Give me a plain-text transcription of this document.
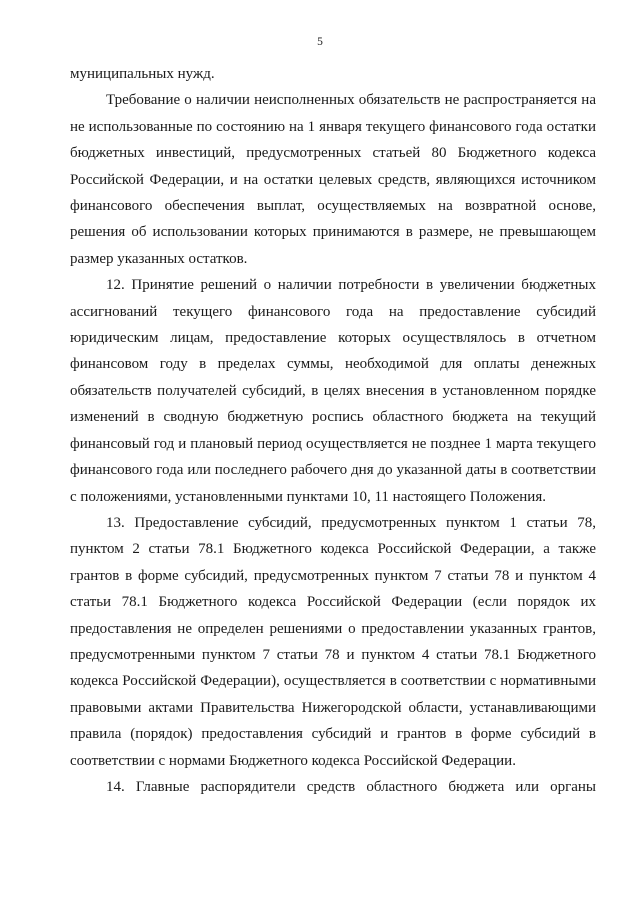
5

муниципальных нужд.

Требование о наличии неисполненных обязательств не распространяется на не использованные по состоянию на 1 января текущего финансового года остатки бюджетных инвестиций, предусмотренных статьей 80 Бюджетного кодекса Российской Федерации, и на остатки целевых средств, являющихся источником финансового обеспечения выплат, осуществляемых на возвратной основе, решения об использовании которых принимаются в размере, не превышающем размер указанных остатков.

12. Принятие решений о наличии потребности в увеличении бюджетных ассигнований текущего финансового года на предоставление субсидий юридическим лицам, предоставление которых осуществлялось в отчетном финансовом году в пределах суммы, необходимой для оплаты денежных обязательств получателей субсидий, в целях внесения в установленном порядке изменений в сводную бюджетную роспись областного бюджета на текущий финансовый год и плановый период осуществляется не позднее 1 марта текущего финансового года или последнего рабочего дня до указанной даты в соответствии с положениями, установленными пунктами 10, 11 настоящего Положения.

13. Предоставление субсидий, предусмотренных пунктом 1 статьи 78, пунктом 2 статьи 78.1 Бюджетного кодекса Российской Федерации, а также грантов в форме субсидий, предусмотренных пунктом 7 статьи 78 и пунктом 4 статьи 78.1 Бюджетного кодекса Российской Федерации (если порядок их предоставления не определен решениями о предоставлении указанных грантов, предусмотренными пунктом 7 статьи 78 и пунктом 4 статьи 78.1 Бюджетного кодекса Российской Федерации), осуществляется в соответствии с нормативными правовыми актами Правительства Нижегородской области, устанавливающими правила (порядок) предоставления субсидий и грантов в форме субсидий в соответствии с нормами Бюджетного кодекса Российской Федерации.

14. Главные распорядители средств областного бюджета или органы
